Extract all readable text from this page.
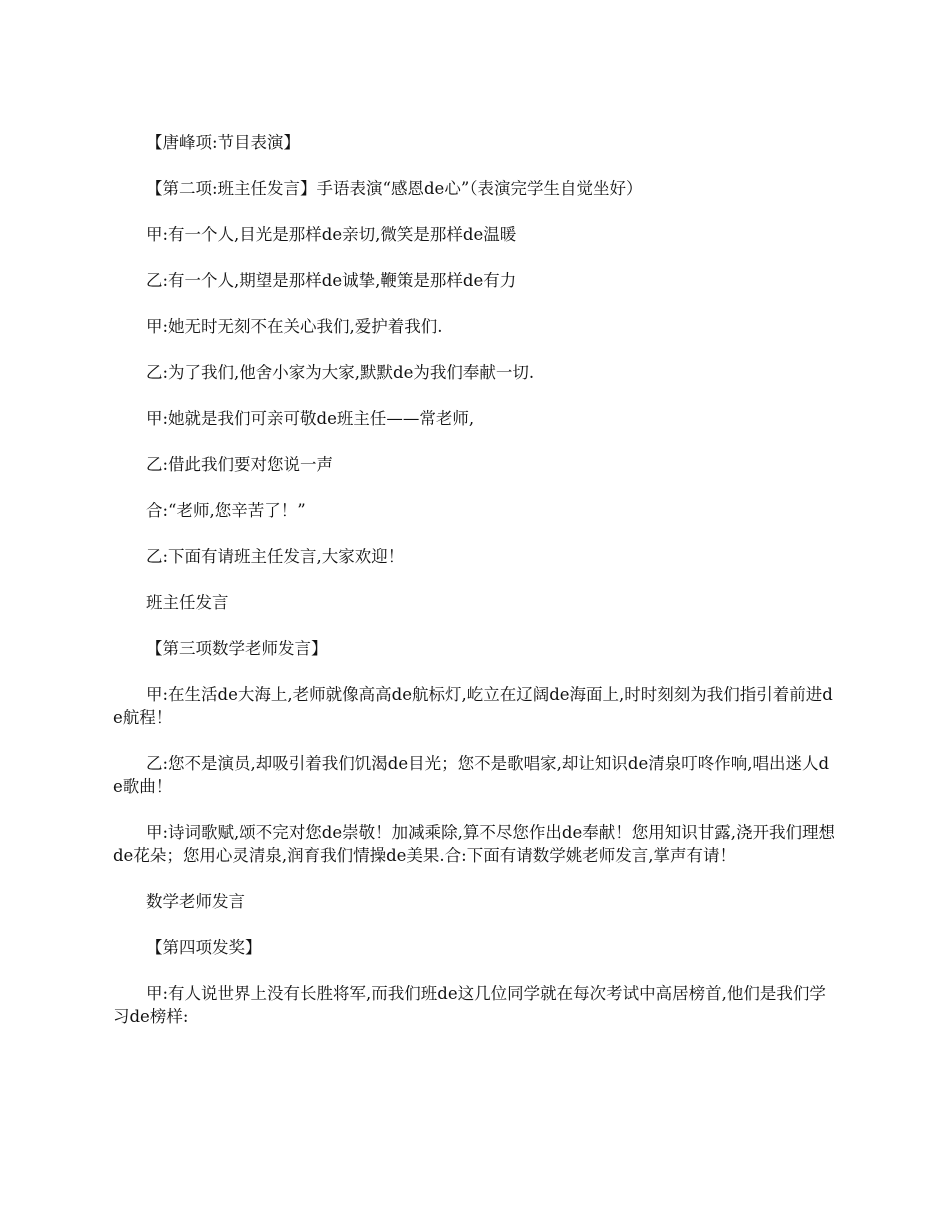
【唐峰项:节目表演】

【第二项:班主任发言】手语表演“感恩de心”（表演完学生自觉坐好）

甲:有一个人,目光是那样de亲切,微笑是那样de温暖

乙:有一个人,期望是那样de诚挚,鞭策是那样de有力

甲:她无时无刻不在关心我们,爱护着我们.

乙:为了我们,他舍小家为大家,默默de为我们奉献一切.

甲:她就是我们可亲可敬de班主任——常老师,

乙:借此我们要对您说一声

合:“老师,您辛苦了！”

乙:下面有请班主任发言,大家欢迎！

班主任发言

【第三项数学老师发言】

甲:在生活de大海上,老师就像高高de航标灯,屹立在辽阔de海面上,时时刻刻为我们指引着前进de航程！

乙:您不是演员,却吸引着我们饥渴de目光；您不是歌唱家,却让知识de清泉叮咚作响,唱出迷人de歌曲！

甲:诗词歌赋,颂不完对您de崇敬！加减乘除,算不尽您作出de奉献！您用知识甘露,浇开我们理想de花朵；您用心灵清泉,润育我们情操de美果.合:下面有请数学姚老师发言,掌声有请！

数学老师发言

【第四项发奖】

甲:有人说世界上没有长胜将军,而我们班de这几位同学就在每次考试中高居榜首,他们是我们学习de榜样:
